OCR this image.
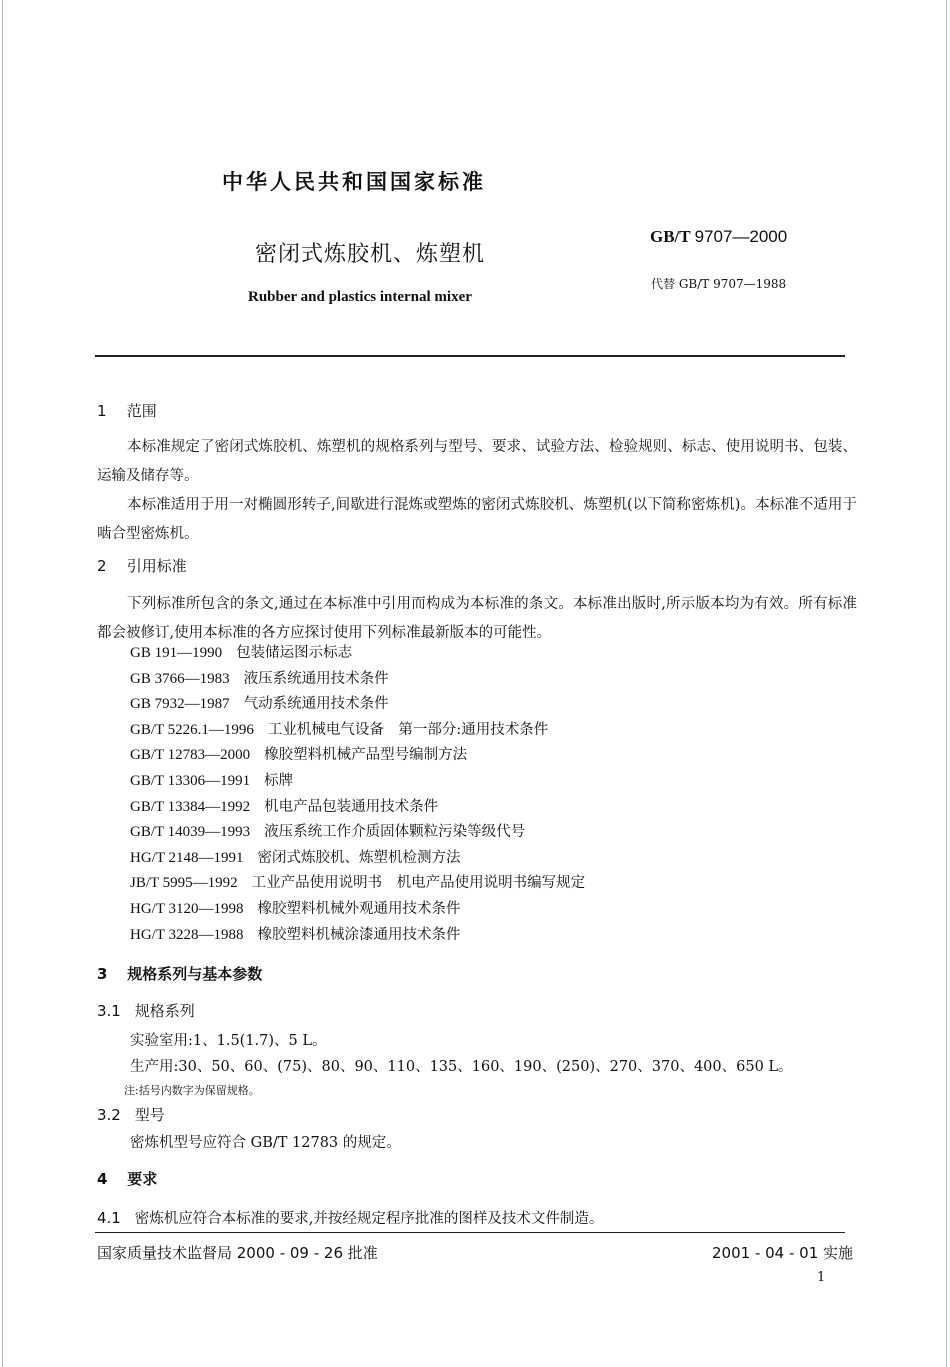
中华人民共和国国家标准
密闭式炼胶机、炼塑机
Rubber and plastics internal mixer
GB/T 9707—2000
代替 GB/T 9707—1988
1 范围
本标准规定了密闭式炼胶机、炼塑机的规格系列与型号、要求、试验方法、检验规则、标志、使用说明书、包装、运输及储存等。
本标准适用于用一对椭圆形转子,间歇进行混炼或塑炼的密闭式炼胶机、炼塑机(以下简称密炼机)。本标准不适用于啮合型密炼机。
2 引用标准
下列标准所包含的条文,通过在本标准中引用而构成为本标准的条文。本标准出版时,所示版本均为有效。所有标准都会被修订,使用本标准的各方应探讨使用下列标准最新版本的可能性。
GB 191—1990 包装储运图示标志
GB 3766—1983 液压系统通用技术条件
GB 7932—1987 气动系统通用技术条件
GB/T 5226.1—1996 工业机械电气设备　第一部分:通用技术条件
GB/T 12783—2000 橡胶塑料机械产品型号编制方法
GB/T 13306—1991 标牌
GB/T 13384—1992 机电产品包装通用技术条件
GB/T 14039—1993 液压系统工作介质固体颗粒污染等级代号
HG/T 2148—1991 密闭式炼胶机、炼塑机检测方法
JB/T 5995—1992 工业产品使用说明书　机电产品使用说明书编写规定
HG/T 3120—1998 橡胶塑料机械外观通用技术条件
HG/T 3228—1988 橡胶塑料机械涂漆通用技术条件
3 规格系列与基本参数
3.1 规格系列
实验室用:1、1.5(1.7)、5 L。
生产用:30、50、60、(75)、80、90、110、135、160、190、(250)、270、370、400、650 L。
注:括号内数字为保留规格。
3.2 型号
密炼机型号应符合 GB/T 12783 的规定。
4 要求
4.1 密炼机应符合本标准的要求,并按经规定程序批准的图样及技术文件制造。
国家质量技术监督局 2000 - 09 - 26 批准	2001 - 04 - 01 实施
1
